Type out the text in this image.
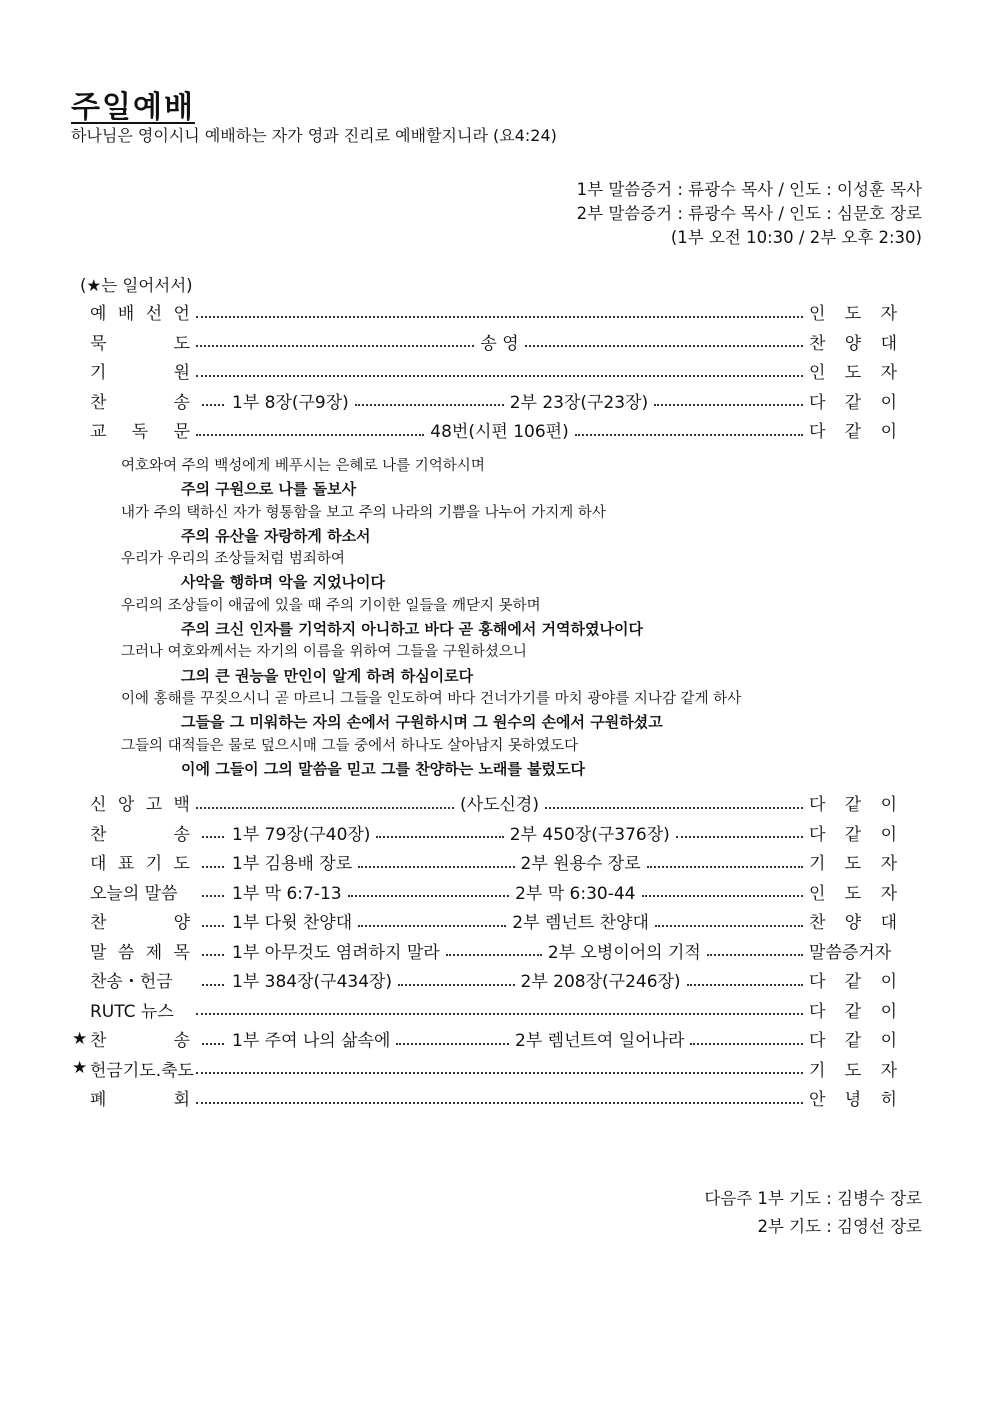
주일예배
하나님은 영이시니 예배하는 자가 영과 진리로 예배할지니라 (요4:24)
1부 말씀증거 : 류광수 목사 / 인도 : 이성훈 목사
2부 말씀증거 : 류광수 목사 / 인도 : 심문호 장로
(1부 오전 10:30 / 2부 오후 2:30)
(★는 일어서서)
예 배 선 언	인 도 자
묵	도	송 영	찬 양 대
기	원	인 도 자
찬	송 1부 8장(구9장)	2부 23장(구23장)	다 같 이
교 독 문	48번(시편 106편)	다 같 이
여호와여 주의 백성에게 베푸시는 은혜로 나를 기억하시며
주의 구원으로 나를 돌보사
내가 주의 택하신 자가 형통함을 보고 주의 나라의 기쁨을 나누어 가지게 하사
주의 유산을 자랑하게 하소서
우리가 우리의 조상들처럼 범죄하여
사악을 행하며 악을 지었나이다
우리의 조상들이 애굽에 있을 때 주의 기이한 일들을 깨닫지 못하며
주의 크신 인자를 기억하지 아니하고 바다 곧 홍해에서 거역하였나이다
그러나 여호와께서는 자기의 이름을 위하여 그들을 구원하셨으니
그의 큰 권능을 만인이 알게 하려 하심이로다
이에 홍해를 꾸짖으시니 곧 마르니 그들을 인도하여 바다 건너가기를 마치 광야를 지나감 같게 하사
그들을 그 미워하는 자의 손에서 구원하시며 그 원수의 손에서 구원하셨고
그들의 대적들은 물로 덮으시매 그들 중에서 하나도 살아남지 못하였도다
이에 그들이 그의 말씀을 믿고 그를 찬양하는 노래를 불렀도다
신 앙 고 백	(사도신경)	다 같 이
찬	송 1부 79장(구40장)	2부 450장(구376장)	다 같 이
대 표 기 도 1부 김용배 장로	2부 원용수 장로	기 도 자
오늘의 말씀	1부 막 6:7-13	2부 막 6:30-44	인 도 자
찬	양 1부 다윗 찬양대	2부 렘넌트 찬양대	찬 양 대
말 씀 제 목 1부 아무것도 염려하지 말라	2부 오병이어의 기적	말씀증거자
찬송・헌금	1부 384장(구434장)	2부 208장(구246장)	다 같 이
RUTC 뉴스	다 같 이
★ 찬	송 1부 주여 나의 삶속에	2부 렘넌트여 일어나라	다 같 이
★ 헌금기도.축도	기 도 자
폐	회	안 녕 히
다음주 1부 기도 : 김병수 장로
2부 기도 : 김영선 장로
